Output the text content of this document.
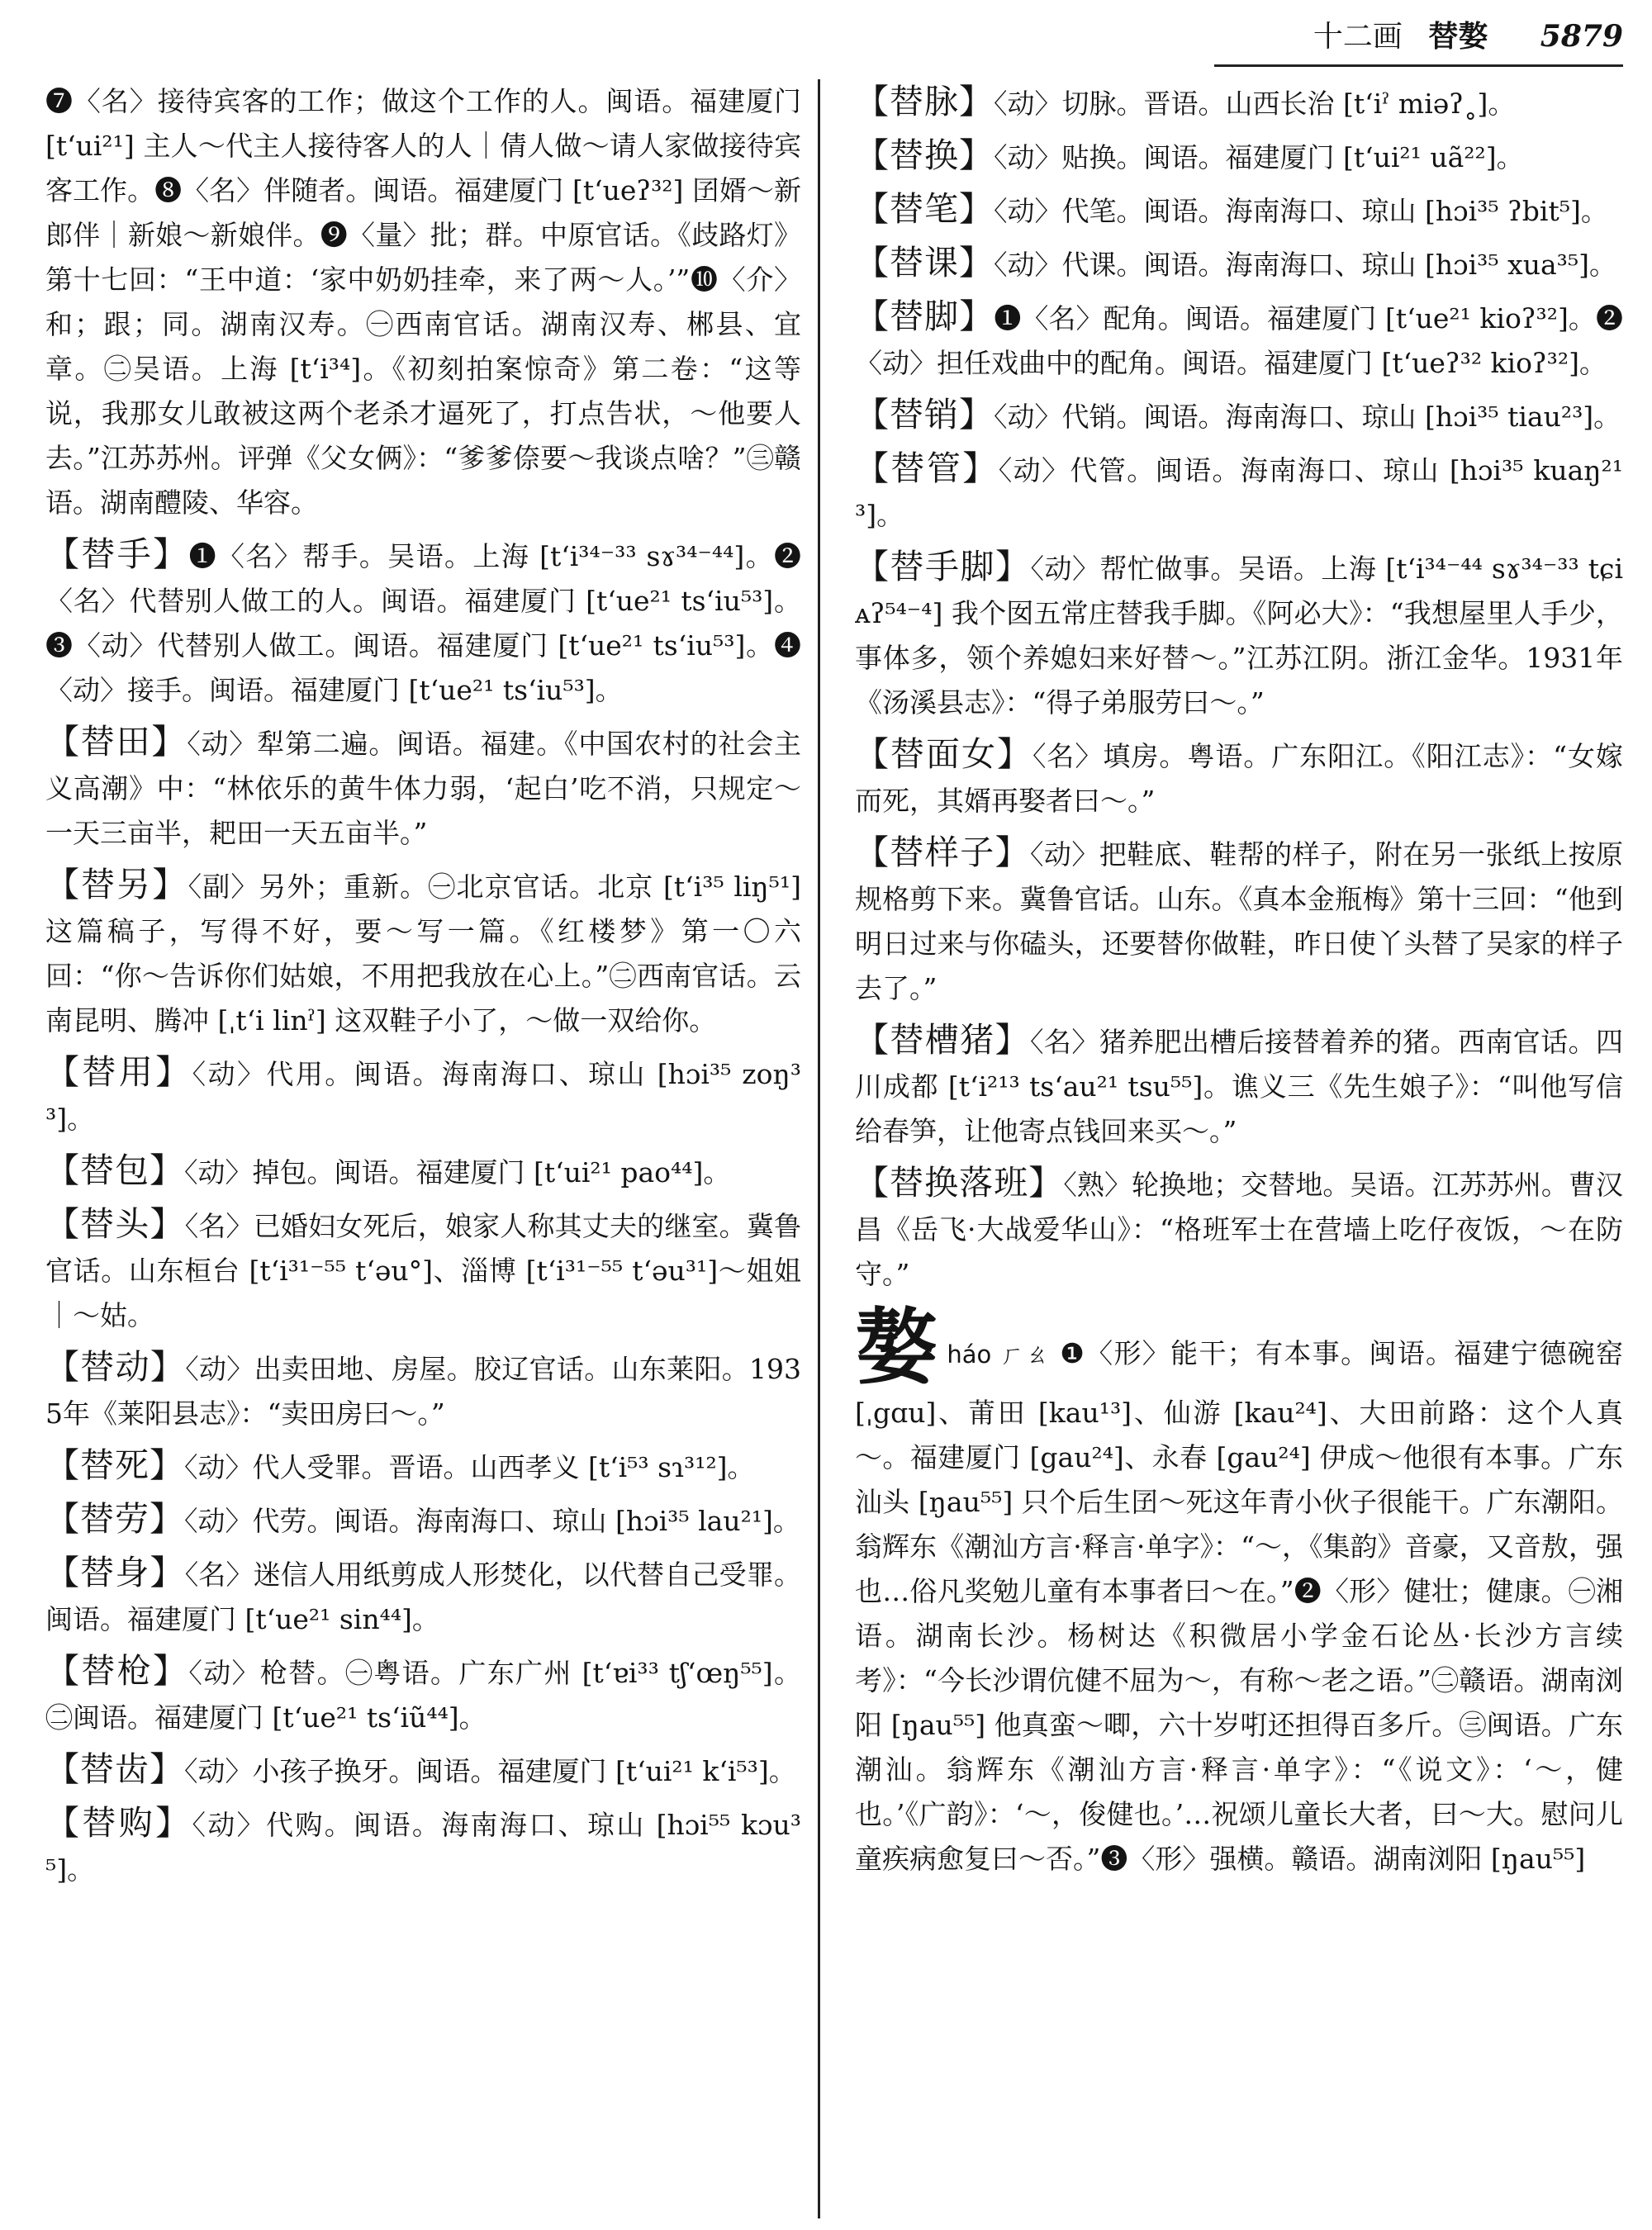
十二画 替嫯 5879
❼〈名〉接待宾客的工作；做这个工作的人。闽语。福建厦门 [tʻui²¹] 主人～代主人接待客人的人｜倩人做～请人家做接待宾客工作。❽〈名〉伴随者。闽语。福建厦门 [tʻueʔ³²] 囝婿～新郎伴｜新娘～新娘伴。❾〈量〉批；群。中原官话。《歧路灯》第十七回：“王中道：‘家中奶奶挂牵，来了两～人。’”❿〈介〉和；跟；同。湖南汉寿。㊀西南官话。湖南汉寿、郴县、宜章。㊁吴语。上海 [tʻi³⁴]。《初刻拍案惊奇》第二卷：“这等说，我那女儿敢被这两个老杀才逼死了，打点告状，～他要人去。”江苏苏州。评弹《父女俩》：“爹爹倷要～我谈点啥？”㊂赣语。湖南醴陵、华容。
【替手】❶〈名〉帮手。吴语。上海 [tʻi³⁴⁻³³ sɤ³⁴⁻⁴⁴]。❷〈名〉代替别人做工的人。闽语。福建厦门 [tʻue²¹ tsʻiu⁵³]。❸〈动〉代替别人做工。闽语。福建厦门 [tʻue²¹ tsʻiu⁵³]。❹〈动〉接手。闽语。福建厦门 [tʻue²¹ tsʻiu⁵³]。
【替田】〈动〉犁第二遍。闽语。福建。《中国农村的社会主义高潮》中：“林依乐的黄牛体力弱，‘起白’吃不消，只规定～一天三亩半，耙田一天五亩半。”
【替另】〈副〉另外；重新。㊀北京官话。北京 [tʻi³⁵ liŋ⁵¹] 这篇稿子，写得不好，要～写一篇。《红楼梦》第一〇六回：“你～告诉你们姑娘，不用把我放在心上。”㊁西南官话。云南昆明、腾冲 [ˌtʻi linˀ] 这双鞋子小了，～做一双给你。
【替用】〈动〉代用。闽语。海南海口、琼山 [hɔi³⁵ zoŋ³³]。
【替包】〈动〉掉包。闽语。福建厦门 [tʻui²¹ pao⁴⁴]。
【替头】〈名〉已婚妇女死后，娘家人称其丈夫的继室。冀鲁官话。山东桓台 [tʻi³¹⁻⁵⁵ tʻəu°]、淄博 [tʻi³¹⁻⁵⁵ tʻəu³¹]～姐姐｜～姑。
【替动】〈动〉出卖田地、房屋。胶辽官话。山东莱阳。1935年《莱阳县志》：“卖田房曰～。”
【替死】〈动〉代人受罪。晋语。山西孝义 [tʻi⁵³ sɿ³¹²]。
【替劳】〈动〉代劳。闽语。海南海口、琼山 [hɔi³⁵ lau²¹]。
【替身】〈名〉迷信人用纸剪成人形焚化，以代替自己受罪。闽语。福建厦门 [tʻue²¹ sin⁴⁴]。
【替枪】〈动〉枪替。㊀粤语。广东广州 [tʻɐi³³ tʃʻœŋ⁵⁵]。㊁闽语。福建厦门 [tʻue²¹ tsʻiũ⁴⁴]。
【替齿】〈动〉小孩子换牙。闽语。福建厦门 [tʻui²¹ kʻi⁵³]。
【替购】〈动〉代购。闽语。海南海口、琼山 [hɔi⁵⁵ kɔu³⁵]。
【替脉】〈动〉切脉。晋语。山西长治 [tʻiˀ miəʔ˳]。
【替换】〈动〉贴换。闽语。福建厦门 [tʻui²¹ uã²²]。
【替笔】〈动〉代笔。闽语。海南海口、琼山 [hɔi³⁵ ʔbit⁵]。
【替课】〈动〉代课。闽语。海南海口、琼山 [hɔi³⁵ xua³⁵]。
【替脚】❶〈名〉配角。闽语。福建厦门 [tʻue²¹ kioʔ³²]。❷〈动〉担任戏曲中的配角。闽语。福建厦门 [tʻueʔ³² kioʔ³²]。
【替销】〈动〉代销。闽语。海南海口、琼山 [hɔi³⁵ tiau²³]。
【替管】〈动〉代管。闽语。海南海口、琼山 [hɔi³⁵ kuaŋ²¹³]。
【替手脚】〈动〉帮忙做事。吴语。上海 [tʻi³⁴⁻⁴⁴ sɤ³⁴⁻³³ tɕiᴀʔ⁵⁴⁻⁴] 我个囡五常庄替我手脚。《阿必大》：“我想屋里人手少，事体多，领个养媳妇来好替～。”江苏江阴。浙江金华。1931年《汤溪县志》：“得子弟服劳曰～。”
【替面女】〈名〉填房。粤语。广东阳江。《阳江志》：“女嫁而死，其婿再娶者曰～。”
【替样子】〈动〉把鞋底、鞋帮的样子，附在另一张纸上按原规格剪下来。冀鲁官话。山东。《真本金瓶梅》第十三回：“他到明日过来与你磕头，还要替你做鞋，昨日使丫头替了吴家的样子去了。”
【替槽猪】〈名〉猪养肥出槽后接替着养的猪。西南官话。四川成都 [tʻi²¹³ tsʻau²¹ tsu⁵⁵]。谯义三《先生娘子》：“叫他写信给春笋，让他寄点钱回来买～。”
【替换落班】〈熟〉轮换地；交替地。吴语。江苏苏州。曹汉昌《岳飞·大战爱华山》：“格班军士在营墙上吃仔夜饭，～在防守。”
嫯háo ㄏㄠ ❶〈形〉能干；有本事。闽语。福建宁德碗窑 [ˌgɑu]、莆田 [kau¹³]、仙游 [kau²⁴]、大田前路：这个人真～。福建厦门 [gau²⁴]、永春 [gau²⁴] 伊成～他很有本事。广东汕头 [ŋau⁵⁵] 只个后生囝～死这年青小伙子很能干。广东潮阳。翁辉东《潮汕方言·释言·单字》：“～，《集韵》音豪，又音敖，强也…俗凡奖勉儿童有本事者曰～在。”❷〈形〉健壮；健康。㊀湘语。湖南长沙。杨树达《积微居小学金石论丛·长沙方言续考》：“今长沙谓伉健不屈为～，有称～老之语。”㊁赣语。湖南浏阳 [ŋau⁵⁵] 他真蛮～唧，六十岁咑还担得百多斤。㊂闽语。广东潮汕。翁辉东《潮汕方言·释言·单字》：“《说文》：‘～，健也。’《广韵》：‘～，俊健也。’…祝颂儿童长大者，曰～大。慰问儿童疾病愈复曰～否。”❸〈形〉强横。赣语。湖南浏阳 [ŋau⁵⁵]
